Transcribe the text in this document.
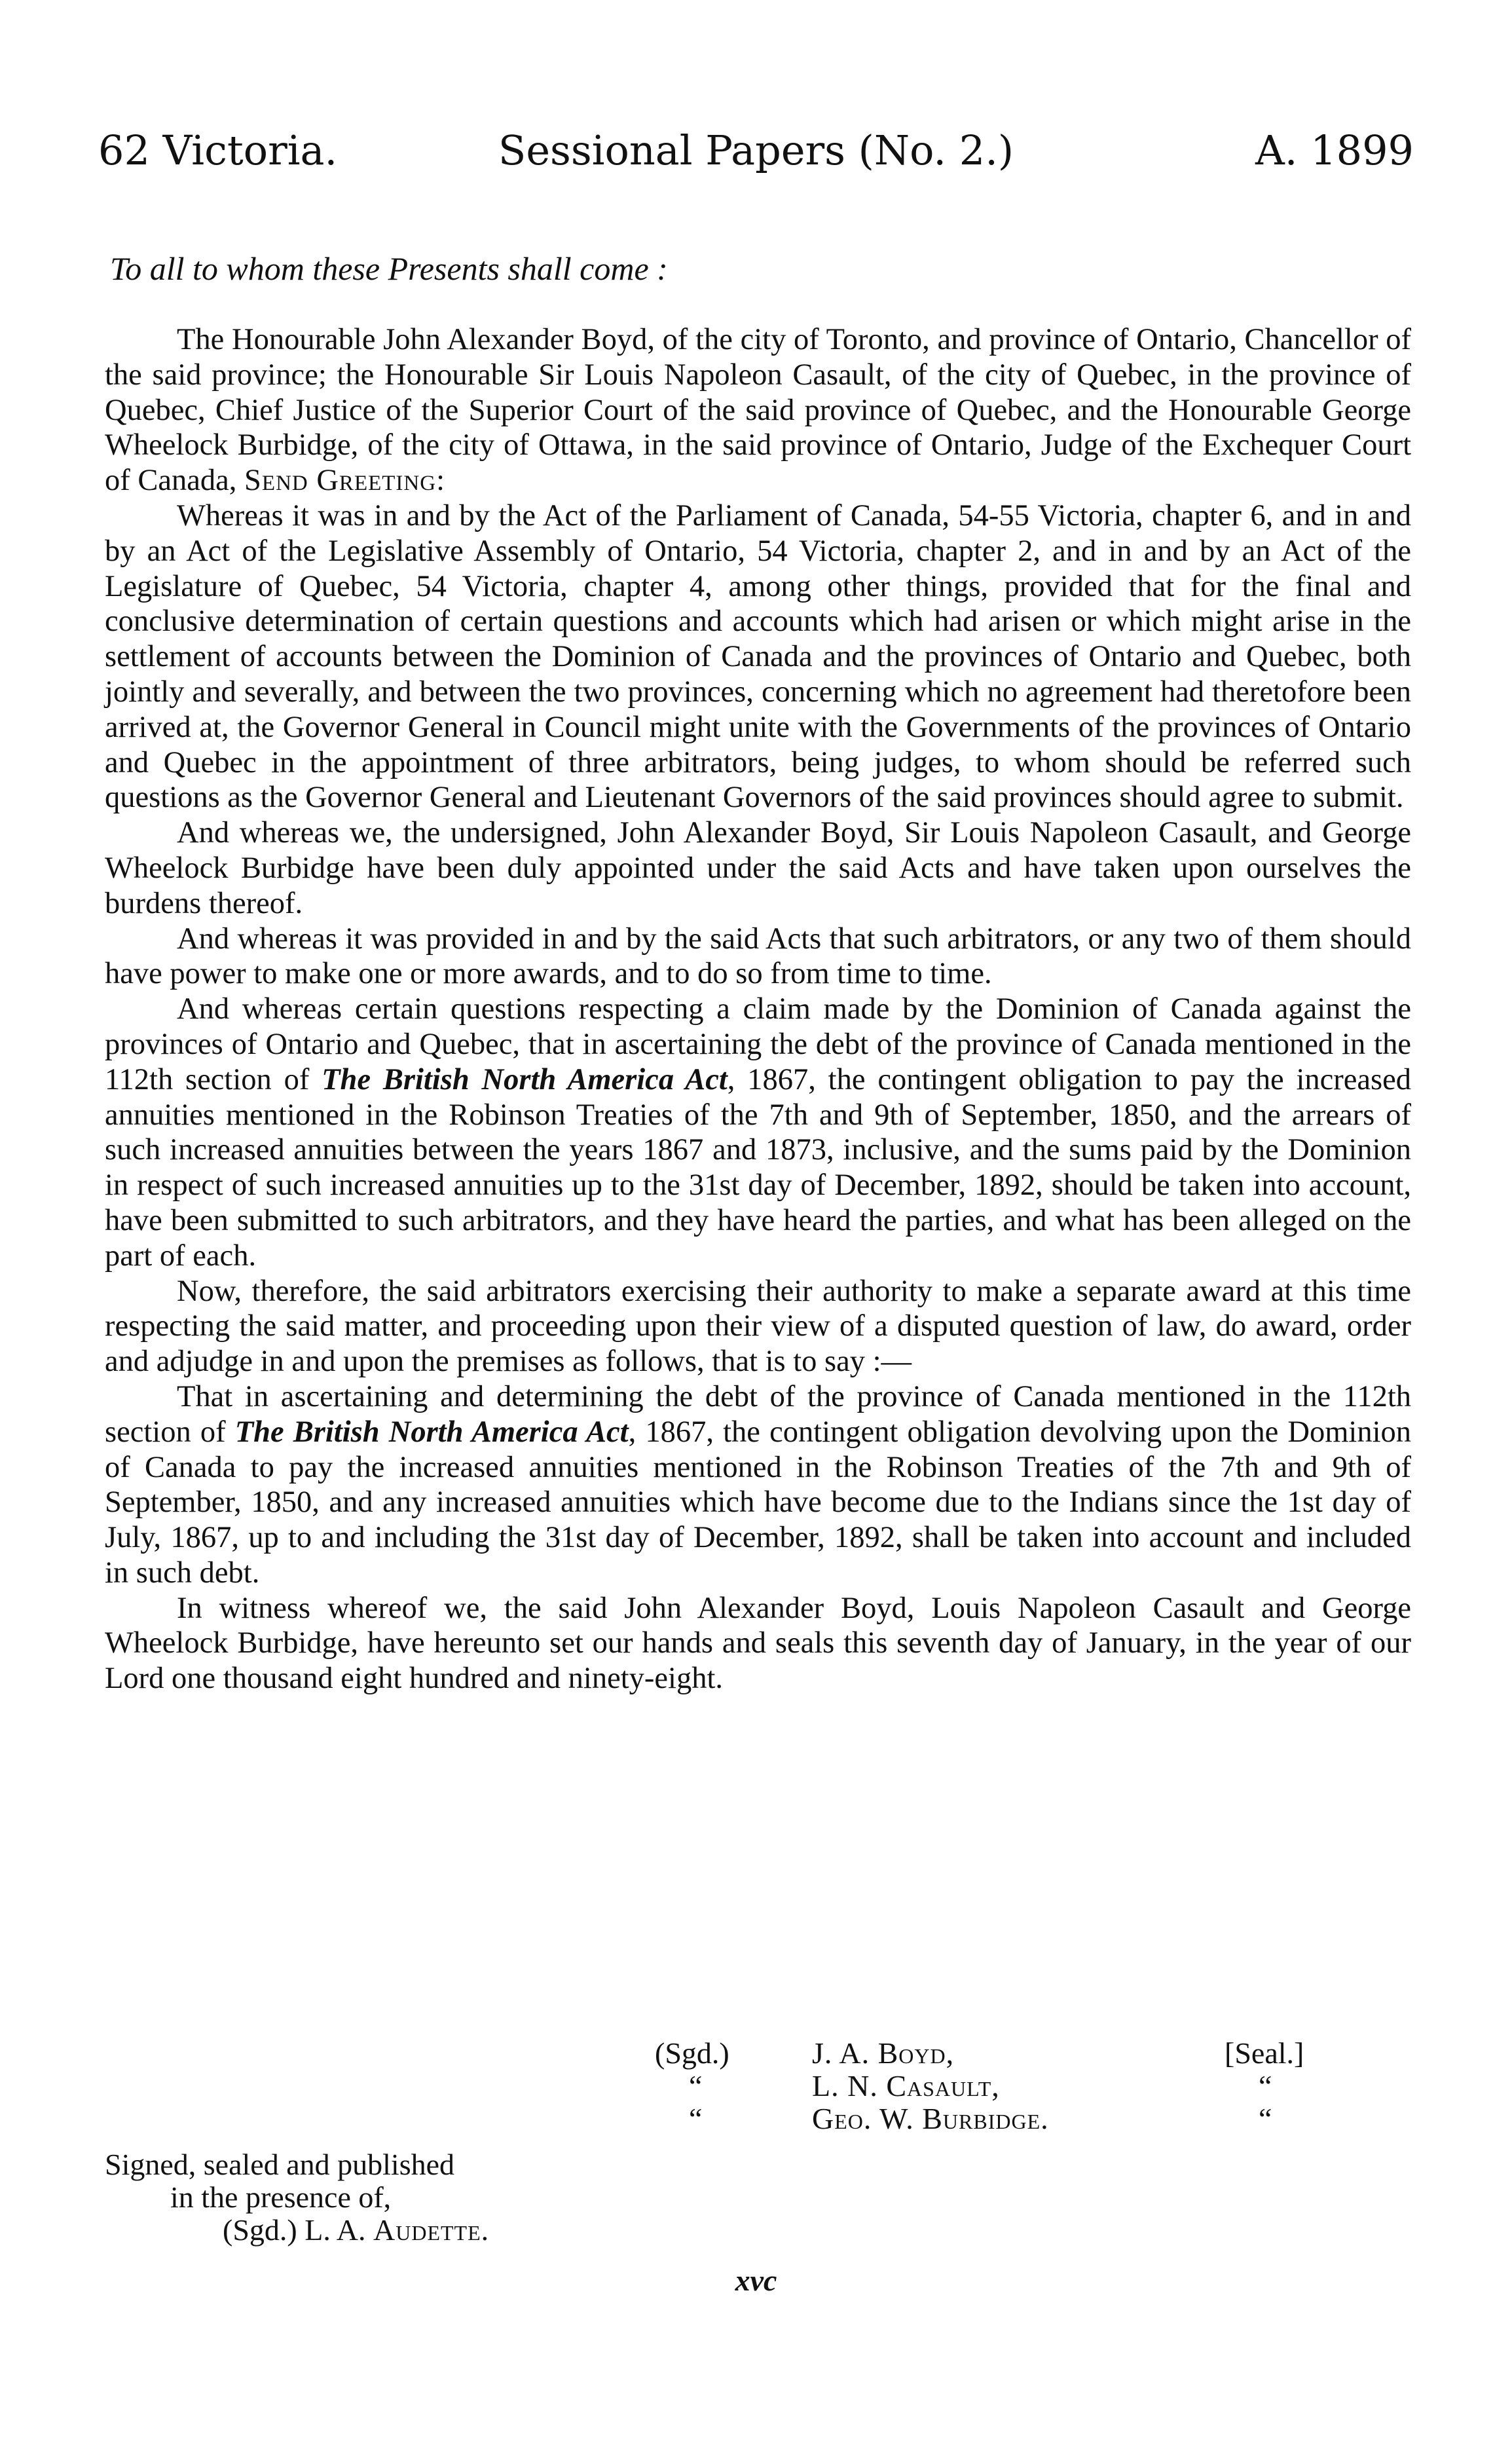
62 Victoria.	Sessional Papers (No. 2.)	A. 1899
To all to whom these Presents shall come :

The Honourable John Alexander Boyd, of the city of Toronto, and province of Ontario, Chancellor of the said province; the Honourable Sir Louis Napoleon Casault, of the city of Quebec, in the province of Quebec, Chief Justice of the Superior Court of the said province of Quebec, and the Honourable George Wheelock Burbidge, of the city of Ottawa, in the said province of Ontario, Judge of the Exchequer Court of Canada, Send Greeting:

Whereas it was in and by the Act of the Parliament of Canada, 54-55 Victoria, chapter 6, and in and by an Act of the Legislative Assembly of Ontario, 54 Victoria, chapter 2, and in and by an Act of the Legislature of Quebec, 54 Victoria, chapter 4, among other things, provided that for the final and conclusive determination of certain questions and accounts which had arisen or which might arise in the settlement of accounts between the Dominion of Canada and the provinces of Ontario and Quebec, both jointly and severally, and between the two provinces, concerning which no agreement had theretofore been arrived at, the Governor General in Council might unite with the Governments of the provinces of Ontario and Quebec in the appointment of three arbitrators, being judges, to whom should be referred such questions as the Governor General and Lieutenant Governors of the said provinces should agree to submit.

And whereas we, the undersigned, John Alexander Boyd, Sir Louis Napoleon Casault, and George Wheelock Burbidge have been duly appointed under the said Acts and have taken upon ourselves the burdens thereof.

And whereas it was provided in and by the said Acts that such arbitrators, or any two of them should have power to make one or more awards, and to do so from time to time.

And whereas certain questions respecting a claim made by the Dominion of Canada against the provinces of Ontario and Quebec, that in ascertaining the debt of the province of Canada mentioned in the 112th section of The British North America Act, 1867, the contingent obligation to pay the increased annuities mentioned in the Robinson Treaties of the 7th and 9th of September, 1850, and the arrears of such increased annuities between the years 1867 and 1873, inclusive, and the sums paid by the Dominion in respect of such increased annuities up to the 31st day of December, 1892, should be taken into account, have been submitted to such arbitrators, and they have heard the parties, and what has been alleged on the part of each.

Now, therefore, the said arbitrators exercising their authority to make a separate award at this time respecting the said matter, and proceeding upon their view of a disputed question of law, do award, order and adjudge in and upon the premises as follows, that is to say :—

That in ascertaining and determining the debt of the province of Canada mentioned in the 112th section of The British North America Act, 1867, the contingent obligation devolving upon the Dominion of Canada to pay the increased annuities mentioned in the Robinson Treaties of the 7th and 9th of September, 1850, and any increased annuities which have become due to the Indians since the 1st day of July, 1867, up to and including the 31st day of December, 1892, shall be taken into account and included in such debt.

In witness whereof we, the said John Alexander Boyd, Louis Napoleon Casault and George Wheelock Burbidge, have hereunto set our hands and seals this seventh day of January, in the year of our Lord one thousand eight hundred and ninety-eight.

(Sgd.)
“
“
J. A. Boyd,
L. N. Casault,
Geo. W. Burbidge.
[Seal.]
“
“
Signed, sealed and published
in the presence of,
(Sgd.) L. A. Audette.
xvc
